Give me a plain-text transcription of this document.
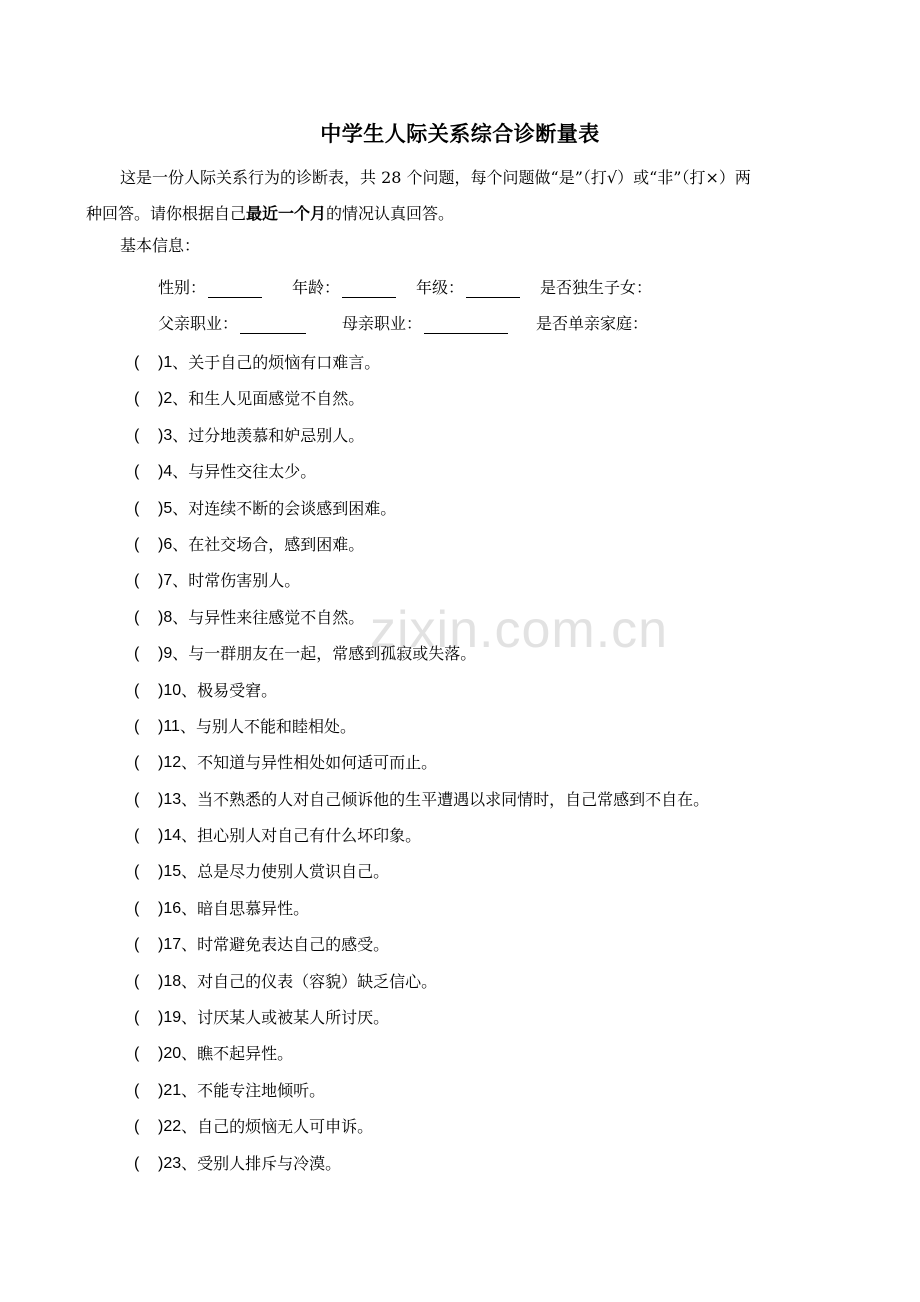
中学生人际关系综合诊断量表
这是一份人际关系行为的诊断表，共 28 个问题，每个问题做“是”（打√）或“非”（打×）两
种回答。请你根据自己最近一个月的情况认真回答。
基本信息：
性别：	年龄：	年级：	是否独生子女：
父亲职业：	母亲职业：	是否单亲家庭：
(	) 1 、关于自己的烦恼有口难言。
(	) 2 、和生人见面感觉不自然。
(	) 3 、过分地羡慕和妒忌别人。
(	) 4 、与异性交往太少。
(	) 5 、对连续不断的会谈感到困难。
(	) 6 、在社交场合，感到困难。
(	) 7 、时常伤害别人。
(	) 8 、与异性来往感觉不自然。
(	) 9 、与一群朋友在一起，常感到孤寂或失落。
(	) 10 、极易受窘。
(	) 11 、与别人不能和睦相处。
(	) 12 、不知道与异性相处如何适可而止。
(	) 13 、当不熟悉的人对自己倾诉他的生平遭遇以求同情时，自己常感到不自在。
(	) 14 、担心别人对自己有什么坏印象。
(	) 15 、总是尽力使别人赏识自己。
(	) 16 、暗自思慕异性。
(	) 17 、时常避免表达自己的感受。
(	) 18 、对自己的仪表（容貌）缺乏信心。
(	) 19 、讨厌某人或被某人所讨厌。
(	) 20 、瞧不起异性。
(	) 21 、不能专注地倾听。
(	) 22 、自己的烦恼无人可申诉。
(	) 23 、受别人排斥与冷漠。
zixin.com.cn
